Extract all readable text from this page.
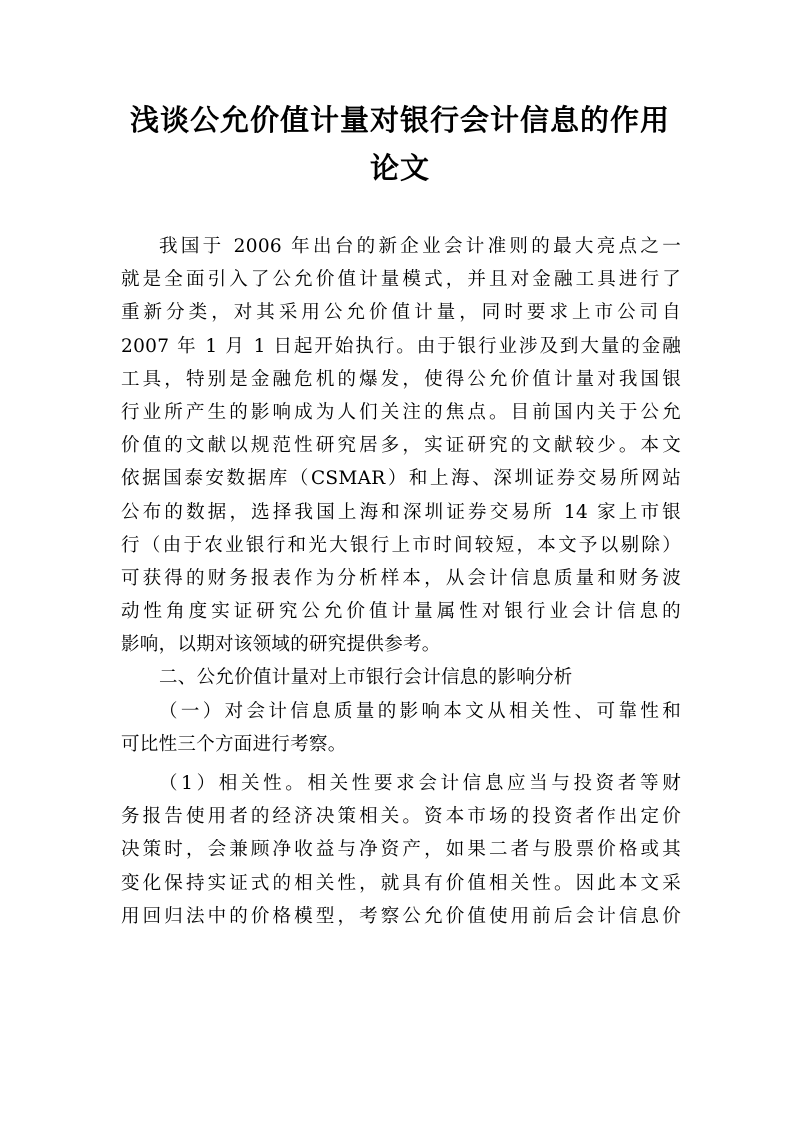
浅谈公允价值计量对银行会计信息的作用
论文
我国于 2006 年出台的新企业会计准则的最大亮点之一
就是全面引入了公允价值计量模式，并且对金融工具进行了
重新分类，对其采用公允价值计量，同时要求上市公司自
2007 年 1 月 1 日起开始执行。由于银行业涉及到大量的金融
工具，特别是金融危机的爆发，使得公允价值计量对我国银
行业所产生的影响成为人们关注的焦点。目前国内关于公允
价值的文献以规范性研究居多，实证研究的文献较少。本文
依据国泰安数据库（CSMAR）和上海、深圳证券交易所网站
公布的数据，选择我国上海和深圳证券交易所 14 家上市银
行（由于农业银行和光大银行上市时间较短，本文予以剔除）
可获得的财务报表作为分析样本，从会计信息质量和财务波
动性角度实证研究公允价值计量属性对银行业会计信息的
影响，以期对该领域的研究提供参考。
二、公允价值计量对上市银行会计信息的影响分析
（一）对会计信息质量的影响本文从相关性、可靠性和
可比性三个方面进行考察。
（1）相关性。相关性要求会计信息应当与投资者等财
务报告使用者的经济决策相关。资本市场的投资者作出定价
决策时，会兼顾净收益与净资产，如果二者与股票价格或其
变化保持实证式的相关性，就具有价值相关性。因此本文采
用回归法中的价格模型，考察公允价值使用前后会计信息价
